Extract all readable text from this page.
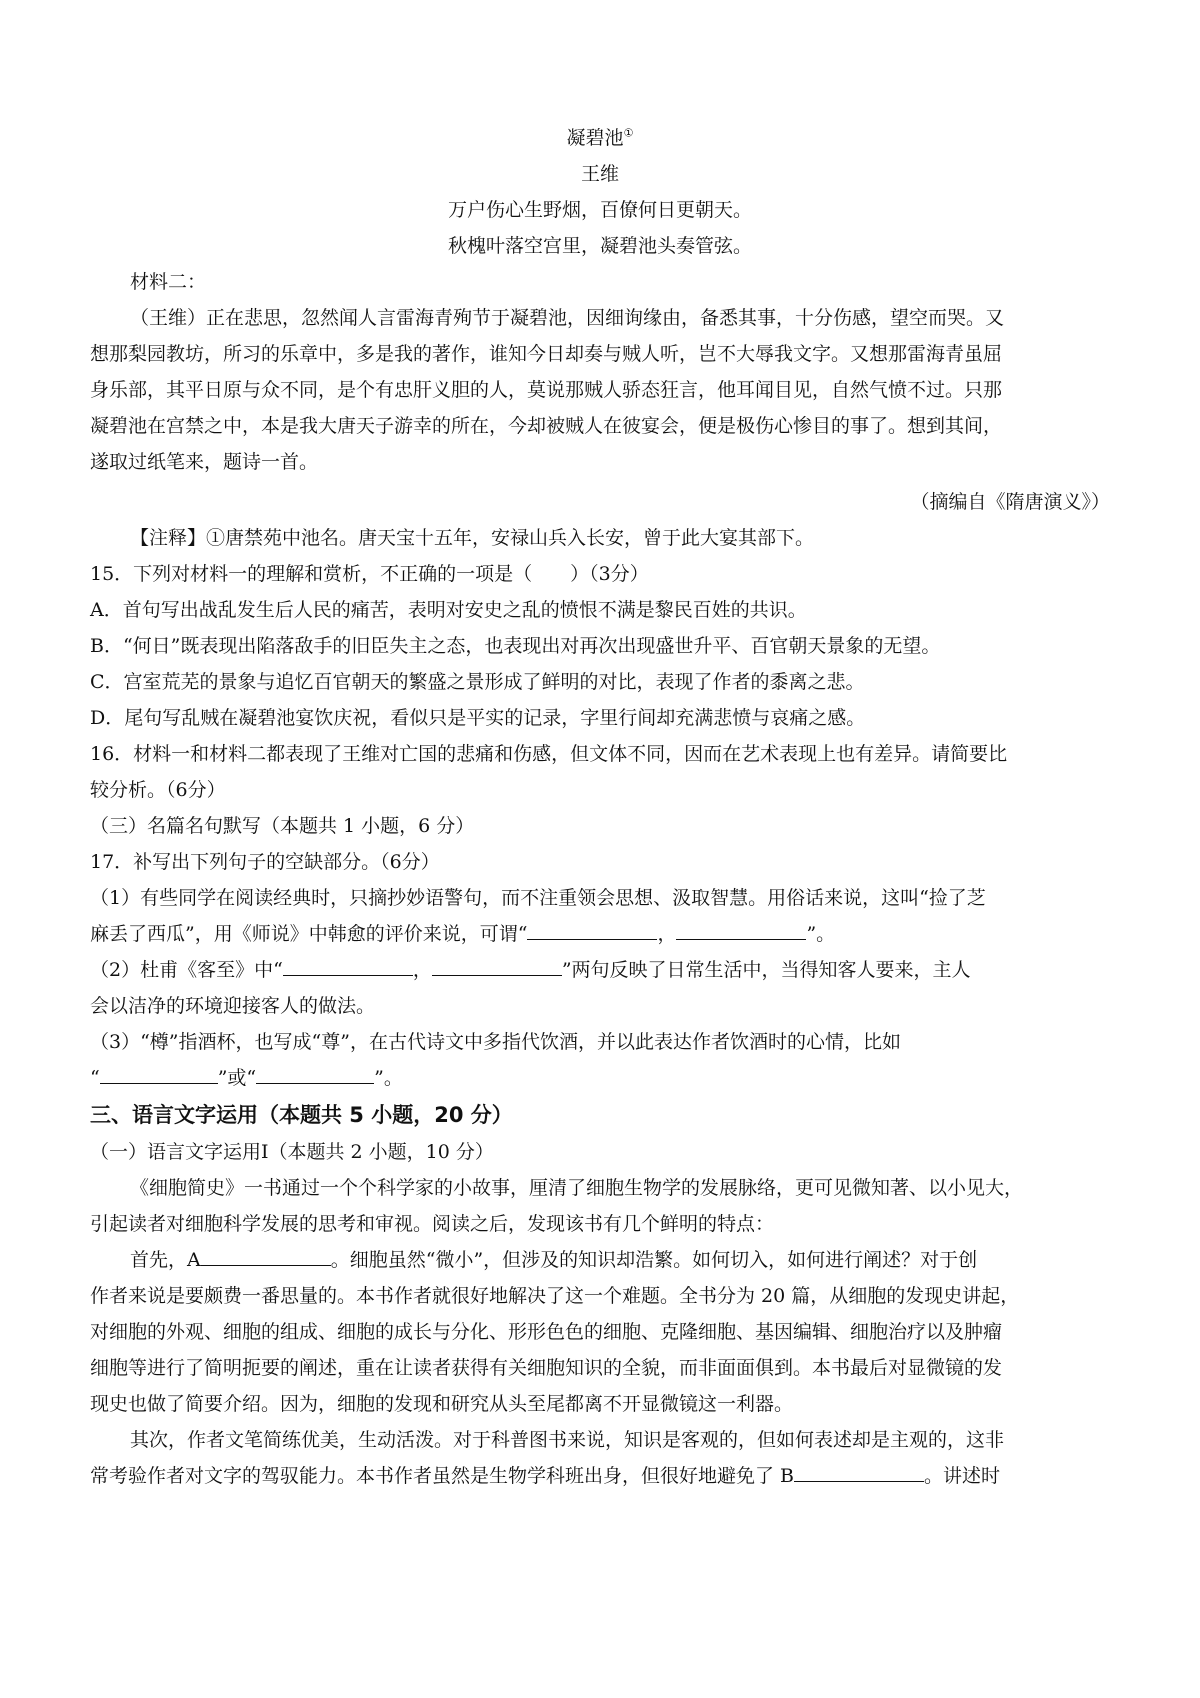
凝碧池①

王维

万户伤心生野烟，百僚何日更朝天。

秋槐叶落空宫里，凝碧池头奏管弦。

材料二：

（王维）正在悲思，忽然闻人言雷海青殉节于凝碧池，因细询缘由，备悉其事，十分伤感，望空而哭。又

想那梨园教坊，所习的乐章中，多是我的著作，谁知今日却奏与贼人听，岂不大辱我文字。又想那雷海青虽屈

身乐部，其平日原与众不同，是个有忠肝义胆的人，莫说那贼人骄态狂言，他耳闻目见，自然气愤不过。只那

凝碧池在宫禁之中，本是我大唐天子游幸的所在，今却被贼人在彼宴会，便是极伤心惨目的事了。想到其间，

遂取过纸笔来，题诗一首。

（摘编自《隋唐演义》）

【注释】①唐禁苑中池名。唐天宝十五年，安禄山兵入长安，曾于此大宴其部下。

15．下列对材料一的理解和赏析，不正确的一项是（　　）（3分）

A．首句写出战乱发生后人民的痛苦，表明对安史之乱的愤恨不满是黎民百姓的共识。

B．“何日”既表现出陷落敌手的旧臣失主之态，也表现出对再次出现盛世升平、百官朝天景象的无望。

C．宫室荒芜的景象与追忆百官朝天的繁盛之景形成了鲜明的对比，表现了作者的黍离之悲。

D．尾句写乱贼在凝碧池宴饮庆祝，看似只是平实的记录，字里行间却充满悲愤与哀痛之感。

16．材料一和材料二都表现了王维对亡国的悲痛和伤感，但文体不同，因而在艺术表现上也有差异。请简要比

较分析。（6分）

（三）名篇名句默写（本题共 1 小题，6 分）

17．补写出下列句子的空缺部分。（6分）

（1）有些同学在阅读经典时，只摘抄妙语警句，而不注重领会思想、汲取智慧。用俗话来说，这叫“捡了芝

麻丢了西瓜”，用《师说》中韩愈的评价来说，可谓“	，	”。

（2）杜甫《客至》中“	，	”两句反映了日常生活中，当得知客人要来，主人

会以洁净的环境迎接客人的做法。

（3）“樽”指酒杯，也写成“尊”，在古代诗文中多指代饮酒，并以此表达作者饮酒时的心情，比如

“	”或“	”。

三、语言文字运用（本题共 5 小题，20 分）

（一）语言文字运用Ⅰ（本题共 2 小题，10 分）

《细胞简史》一书通过一个个科学家的小故事，厘清了细胞生物学的发展脉络，更可见微知著、以小见大，

引起读者对细胞科学发展的思考和审视。阅读之后，发现该书有几个鲜明的特点：

首先，A	。细胞虽然“微小”，但涉及的知识却浩繁。如何切入，如何进行阐述？对于创

作者来说是要颇费一番思量的。本书作者就很好地解决了这一个难题。全书分为 20 篇，从细胞的发现史讲起，

对细胞的外观、细胞的组成、细胞的成长与分化、形形色色的细胞、克隆细胞、基因编辑、细胞治疗以及肿瘤

细胞等进行了简明扼要的阐述，重在让读者获得有关细胞知识的全貌，而非面面俱到。本书最后对显微镜的发

现史也做了简要介绍。因为，细胞的发现和研究从头至尾都离不开显微镜这一利器。

其次，作者文笔简练优美，生动活泼。对于科普图书来说，知识是客观的，但如何表述却是主观的，这非

常考验作者对文字的驾驭能力。本书作者虽然是生物学科班出身，但很好地避免了 B	。讲述时
